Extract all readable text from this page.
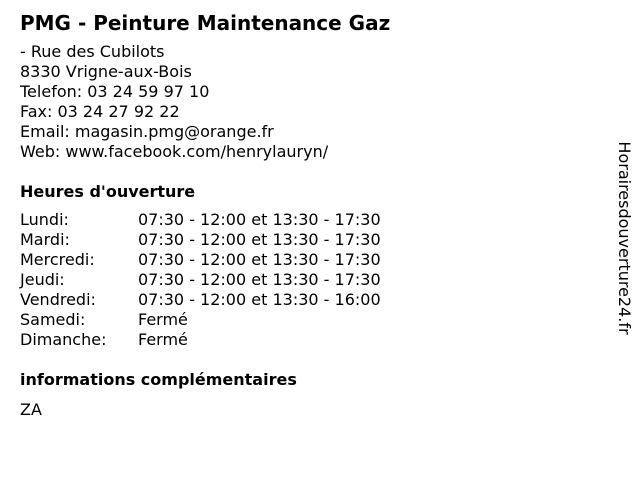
PMG - Peinture Maintenance Gaz
- Rue des Cubilots
8330 Vrigne-aux-Bois
Telefon: 03 24 59 97 10
Fax: 03 24 27 92 22
Email: magasin.pmg@orange.fr
Web: www.facebook.com/henrylauryn/
Heures d'ouverture
Lundi:	07:30 - 12:00 et 13:30 - 17:30
Mardi:	07:30 - 12:00 et 13:30 - 17:30
Mercredi:	07:30 - 12:00 et 13:30 - 17:30
Jeudi:	07:30 - 12:00 et 13:30 - 17:30
Vendredi:	07:30 - 12:00 et 13:30 - 16:00
Samedi:	Fermé
Dimanche:	Fermé
informations complémentaires
ZA
Horairesdouverture24.fr
